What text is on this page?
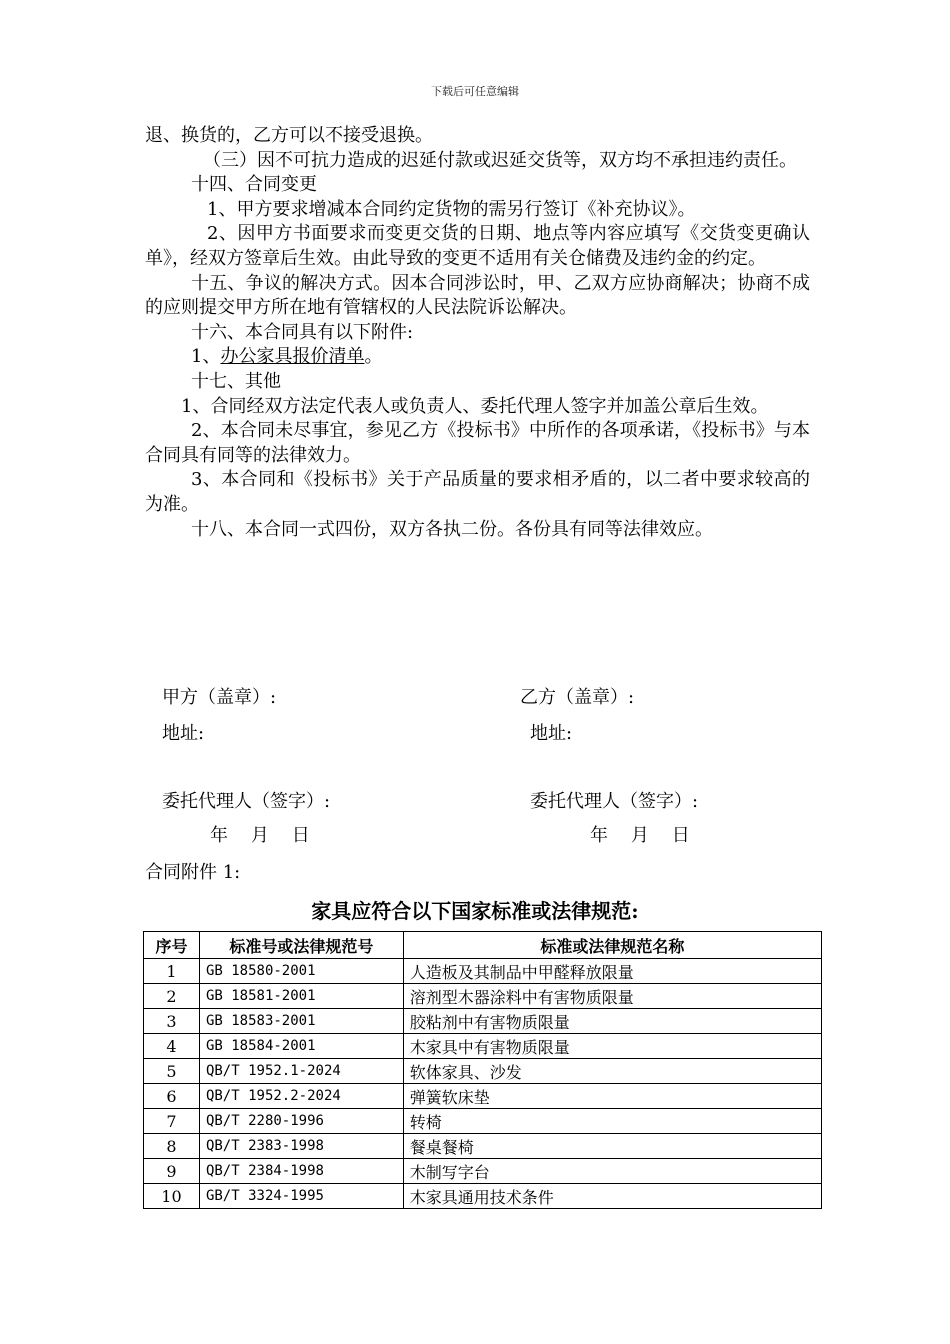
下载后可任意编辑

退、换货的，乙方可以不接受退换。

（三）因不可抗力造成的迟延付款或迟延交货等，双方均不承担违约责任。

十四、合同变更

1、甲方要求增减本合同约定货物的需另行签订《补充协议》。

2、因甲方书面要求而变更交货的日期、地点等内容应填写《交货变更确认单》，经双方签章后生效。由此导致的变更不适用有关仓储费及违约金的约定。

十五、争议的解决方式。因本合同涉讼时，甲、乙双方应协商解决；协商不成的应则提交甲方所在地有管辖权的人民法院诉讼解决。

十六、本合同具有以下附件:

1、办公家具报价清单。

十七、其他

1、合同经双方法定代表人或负责人、委托代理人签字并加盖公章后生效。

2、本合同未尽事宜，参见乙方《投标书》中所作的各项承诺，《投标书》与本合同具有同等的法律效力。

3、本合同和《投标书》关于产品质量的要求相矛盾的，以二者中要求较高的为准。

十八、本合同一式四份，双方各执二份。各份具有同等法律效应。

甲方（盖章）:	乙方（盖章）:
地址:	地址:
委托代理人（签字）:	委托代理人（签字）:
年    月    日	年    月    日
合同附件 1:
家具应符合以下国家标准或法律规范:
序号	标准号或法律规范号	标准或法律规范名称
1	GB 18580-2001	人造板及其制品中甲醛释放限量
2	GB 18581-2001	溶剂型木器涂料中有害物质限量
3	GB 18583-2001	胶粘剂中有害物质限量
4	GB 18584-2001	木家具中有害物质限量
5	QB/T 1952.1-2024	软体家具、沙发
6	QB/T 1952.2-2024	弹簧软床垫
7	QB/T 2280-1996	转椅
8	QB/T 2383-1998	餐桌餐椅
9	QB/T 2384-1998	木制写字台
10	GB/T 3324-1995	木家具通用技术条件
